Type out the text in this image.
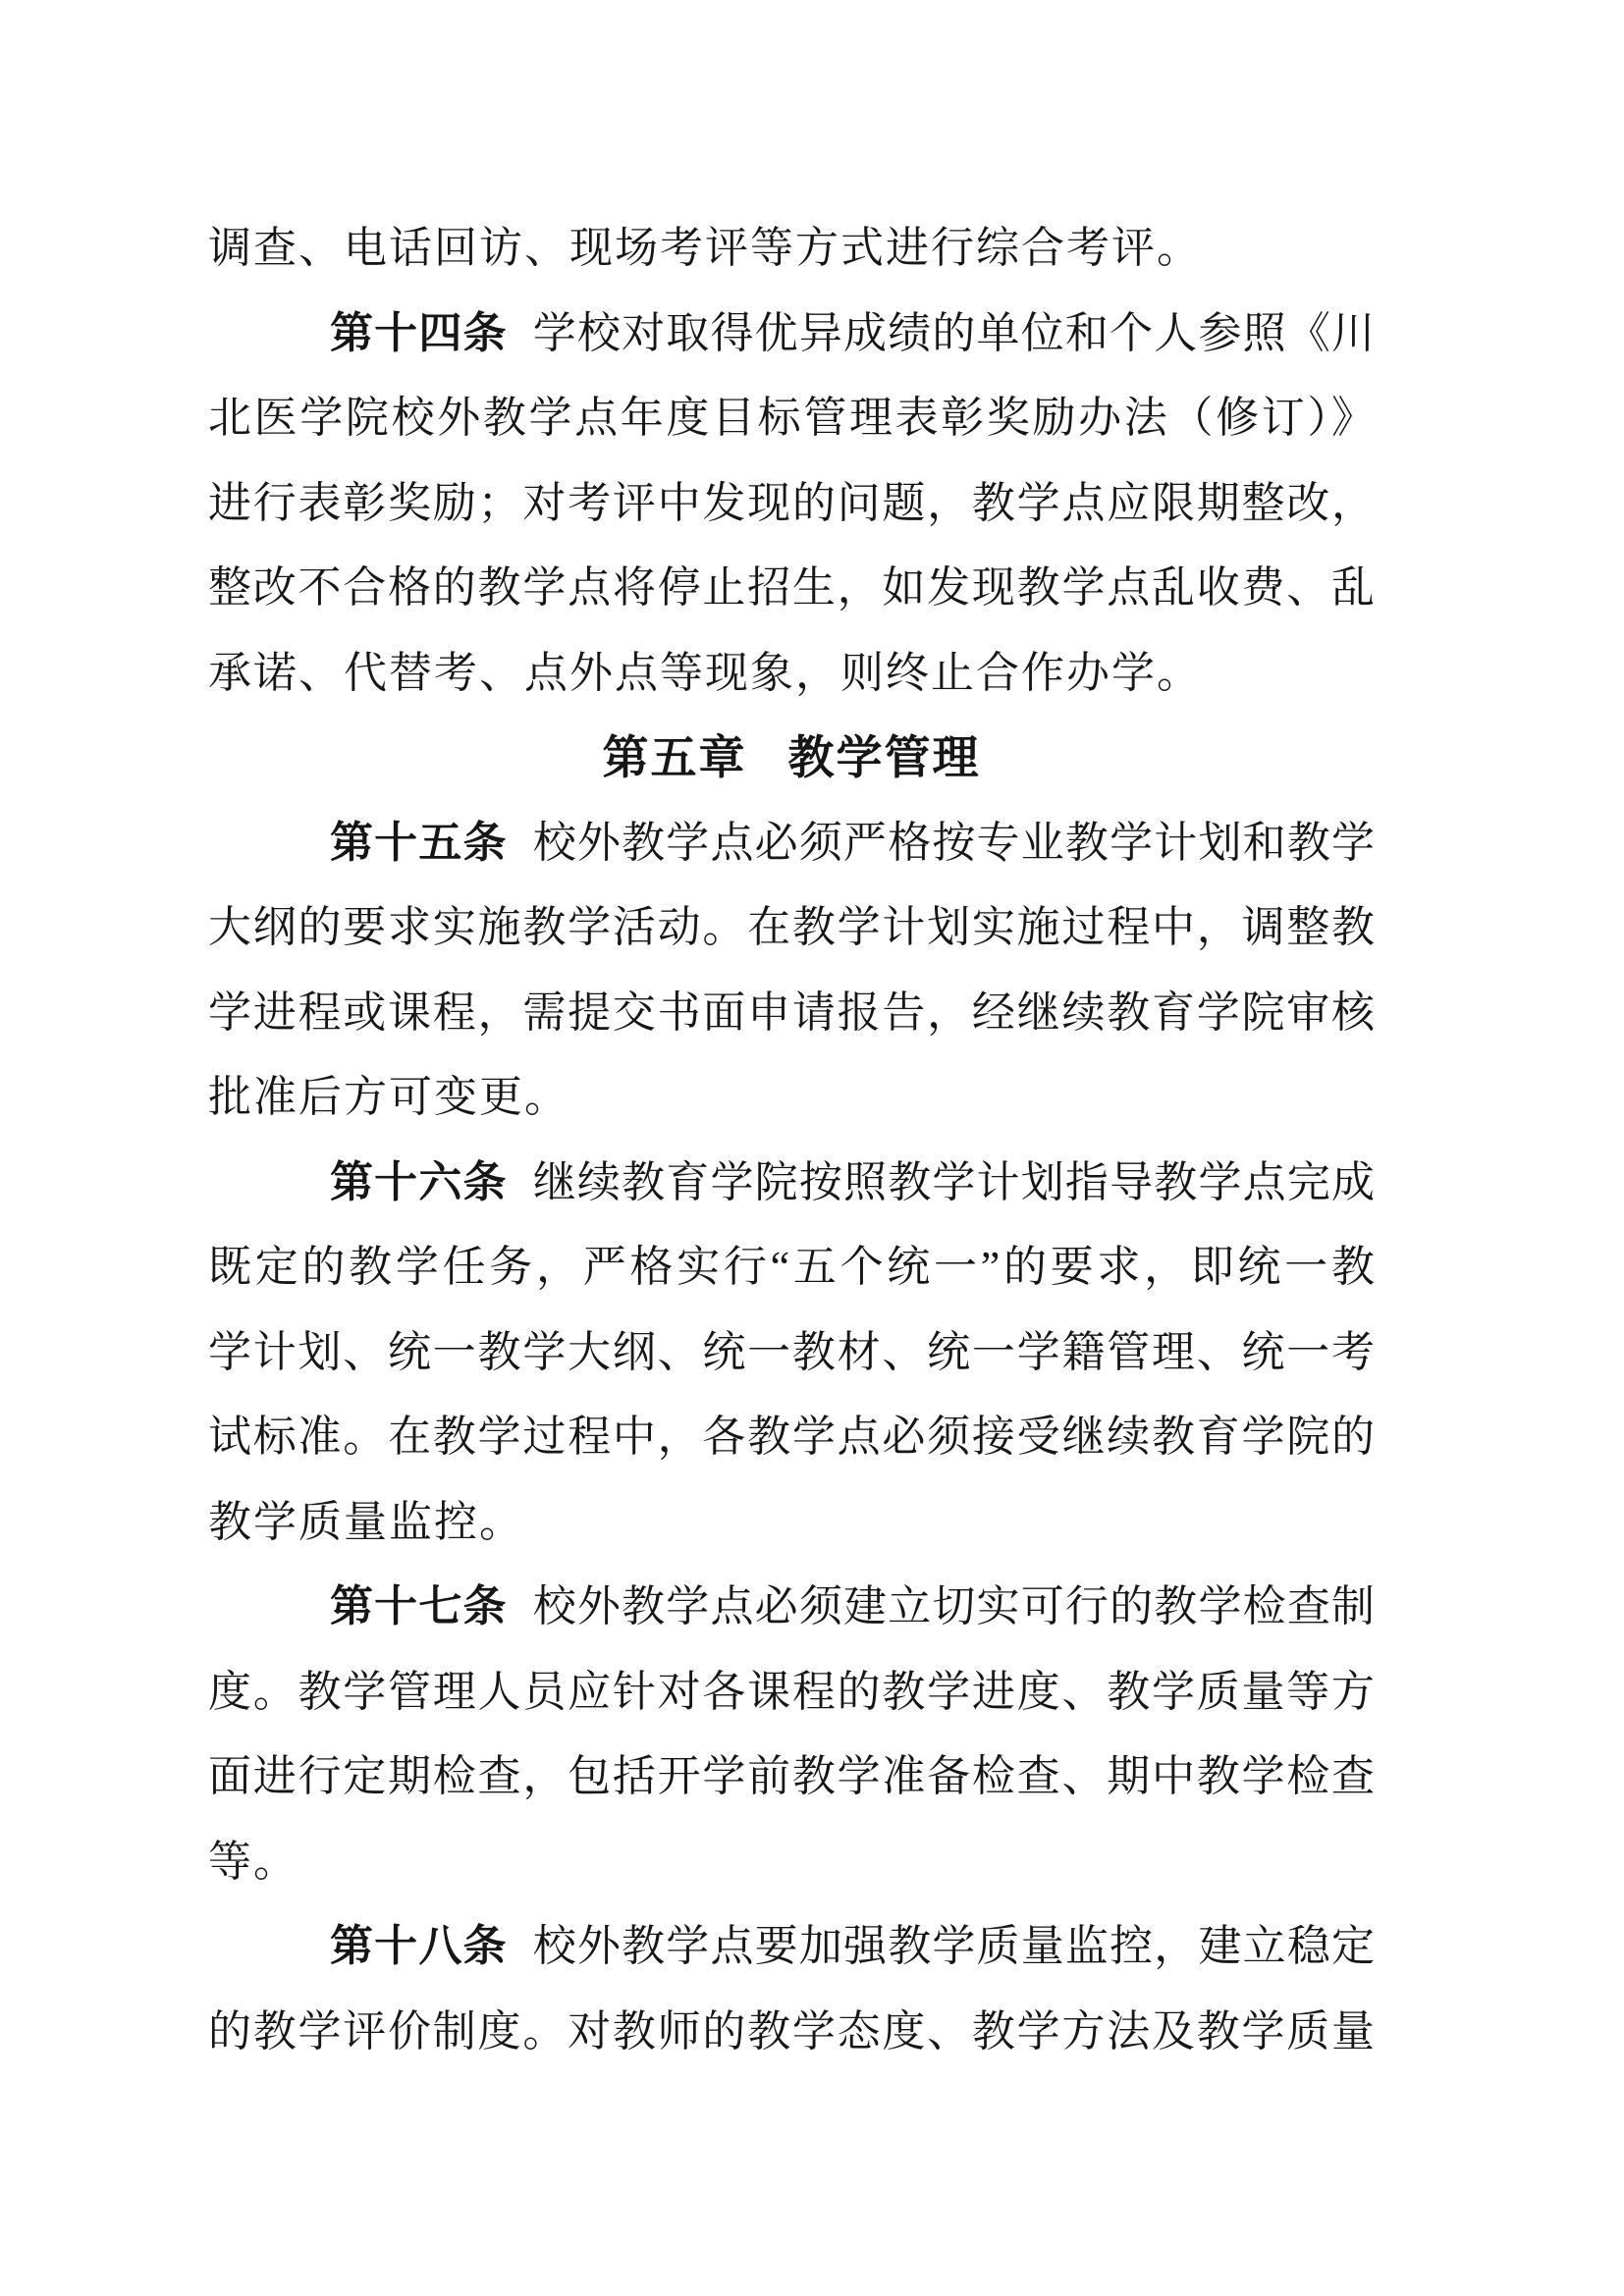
调查、电话回访、现场考评等方式进行综合考评。
第十四条 学校对取得优异成绩的单位和个人参照《川
北医学院校外教学点年度目标管理表彰奖励办法（修订）》
进行表彰奖励；对考评中发现的问题，教学点应限期整改，
整改不合格的教学点将停止招生，如发现教学点乱收费、乱
承诺、代替考、点外点等现象，则终止合作办学。
第五章 教学管理
第十五条 校外教学点必须严格按专业教学计划和教学
大纲的要求实施教学活动。在教学计划实施过程中，调整教
学进程或课程，需提交书面申请报告，经继续教育学院审核
批准后方可变更。
第十六条 继续教育学院按照教学计划指导教学点完成
既定的教学任务，严格实行“五个统一”的要求，即统一教
学计划、统一教学大纲、统一教材、统一学籍管理、统一考
试标准。在教学过程中，各教学点必须接受继续教育学院的
教学质量监控。
第十七条 校外教学点必须建立切实可行的教学检查制
度。教学管理人员应针对各课程的教学进度、教学质量等方
面进行定期检查，包括开学前教学准备检查、期中教学检查
等。
第十八条 校外教学点要加强教学质量监控，建立稳定
的教学评价制度。对教师的教学态度、教学方法及教学质量
